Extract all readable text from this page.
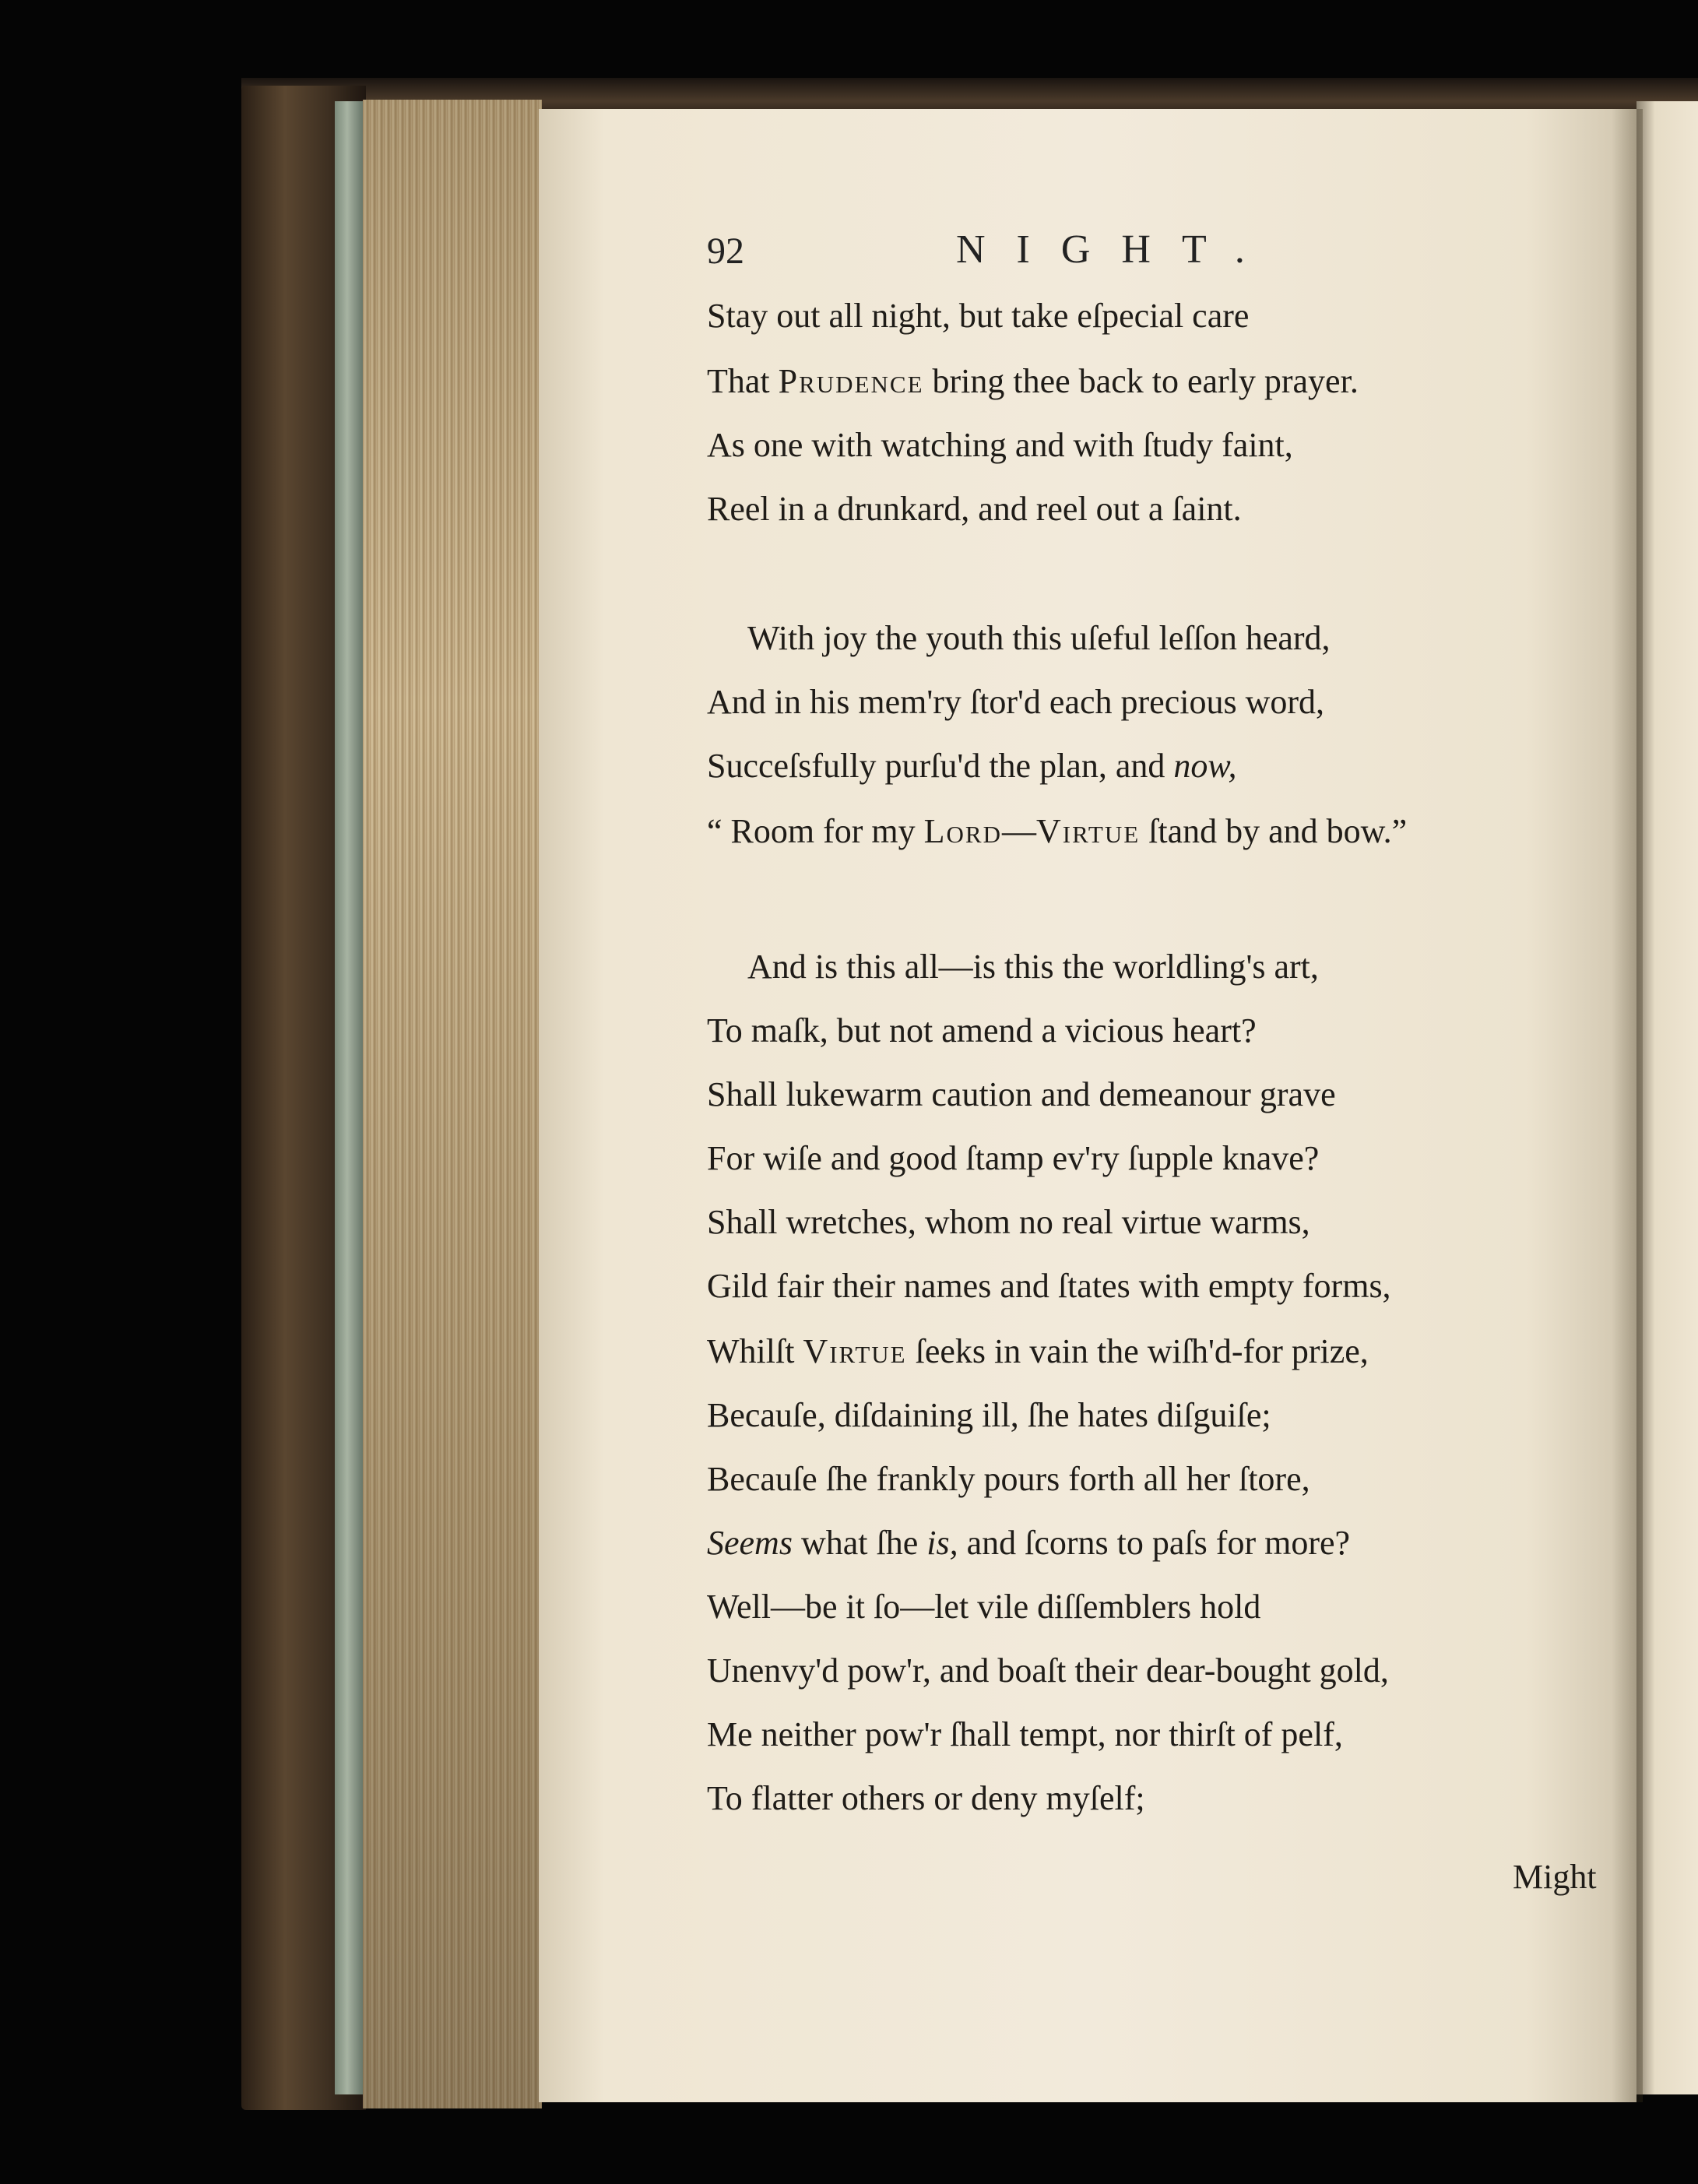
92	NIGHT.
Stay out all night, but take eſpecial care
That Prudence bring thee back to early prayer.
As one with watching and with ſtudy faint,
Reel in a drunkard, and reel out a ſaint.
With joy the youth this uſeful leſſon heard,
And in his mem'ry ſtor'd each precious word,
Succeſsfully purſu'd the plan, and now,
“ Room for my Lord—Virtue ſtand by and bow.”
And is this all—is this the worldling's art,
To maſk, but not amend a vicious heart?
Shall lukewarm caution and demeanour grave
For wiſe and good ſtamp ev'ry ſupple knave?
Shall wretches, whom no real virtue warms,
Gild fair their names and ſtates with empty forms,
Whilſt Virtue ſeeks in vain the wiſh'd-for prize,
Becauſe, diſdaining ill, ſhe hates diſguiſe;
Becauſe ſhe frankly pours forth all her ſtore,
Seems what ſhe is, and ſcorns to paſs for more?
Well—be it ſo—let vile diſſemblers hold
Unenvy'd pow'r, and boaſt their dear-bought gold,
Me neither pow'r ſhall tempt, nor thirſt of pelf,
To flatter others or deny myſelf;
Might
